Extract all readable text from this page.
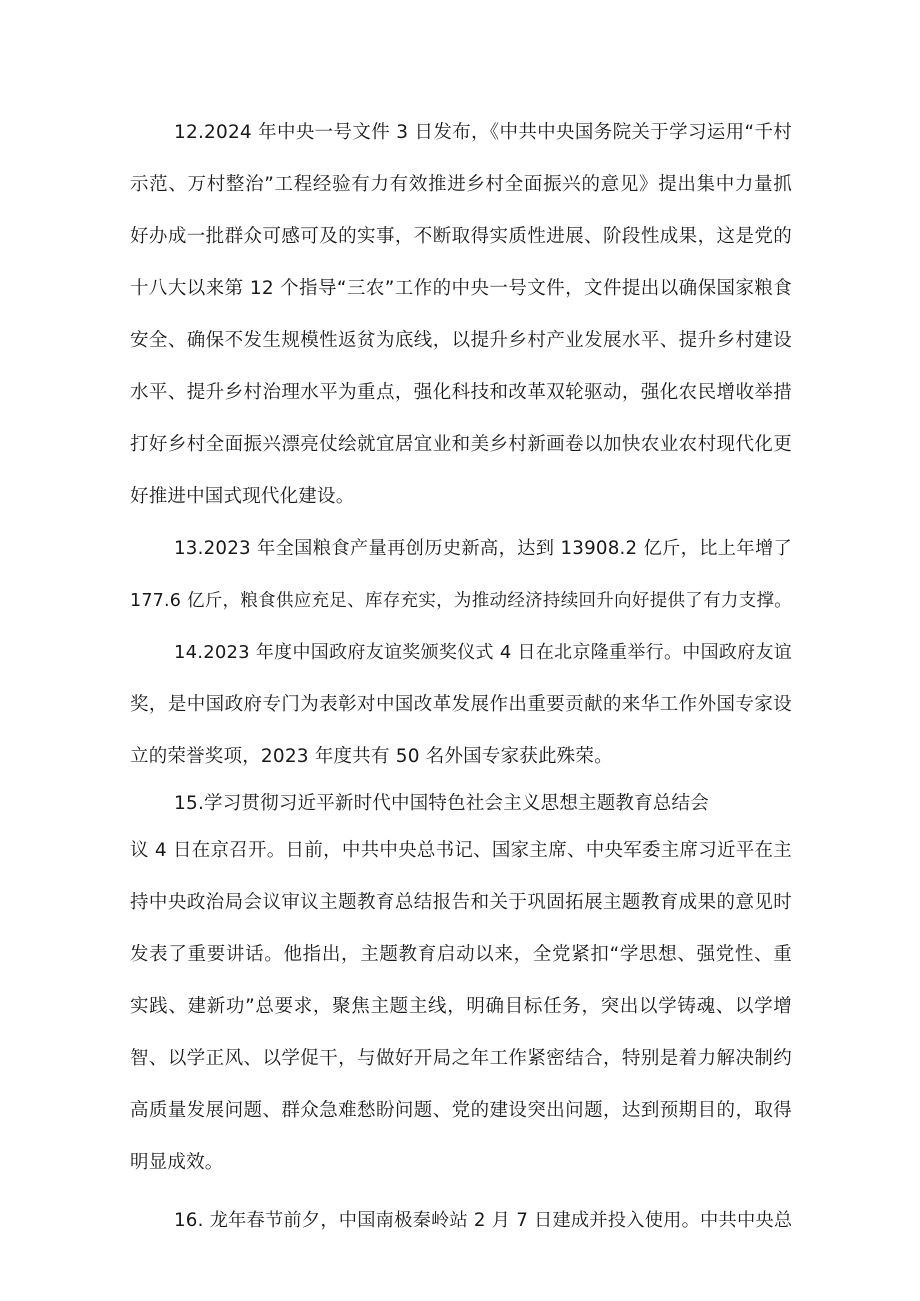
12.2024 年中央一号文件 3 日发布，《中共中央国务院关于学习运用“千村
示范、万村整治”工程经验有力有效推进乡村全面振兴的意见》提出集中力量抓
好办成一批群众可感可及的实事，不断取得实质性进展、阶段性成果，这是党的
十八大以来第 12 个指导“三农”工作的中央一号文件，文件提出以确保国家粮食
安全、确保不发生规模性返贫为底线，以提升乡村产业发展水平、提升乡村建设
水平、提升乡村治理水平为重点，强化科技和改革双轮驱动，强化农民增收举措
打好乡村全面振兴漂亮仗绘就宜居宜业和美乡村新画卷以加快农业农村现代化更
好推进中国式现代化建设。
13.2023 年全国粮食产量再创历史新高，达到 13908.2 亿斤，比上年增了
177.6 亿斤，粮食供应充足、库存充实，为推动经济持续回升向好提供了有力支撑。
14.2023 年度中国政府友谊奖颁奖仪式 4 日在北京隆重举行。中国政府友谊
奖，是中国政府专门为表彰对中国改革发展作出重要贡献的来华工作外国专家设
立的荣誉奖项，2023 年度共有 50 名外国专家获此殊荣。
15.学习贯彻习近平新时代中国特色社会主义思想主题教育总结会
议 4 日在京召开。日前，中共中央总书记、国家主席、中央军委主席习近平在主
持中央政治局会议审议主题教育总结报告和关于巩固拓展主题教育成果的意见时
发表了重要讲话。他指出，主题教育启动以来，全党紧扣“学思想、强党性、重
实践、建新功”总要求，聚焦主题主线，明确目标任务，突出以学铸魂、以学增
智、以学正风、以学促干，与做好开局之年工作紧密结合，特别是着力解决制约
高质量发展问题、群众急难愁盼问题、党的建设突出问题，达到预期目的，取得
明显成效。
16. 龙年春节前夕，中国南极秦岭站 2 月 7 日建成并投入使用。中共中央总
